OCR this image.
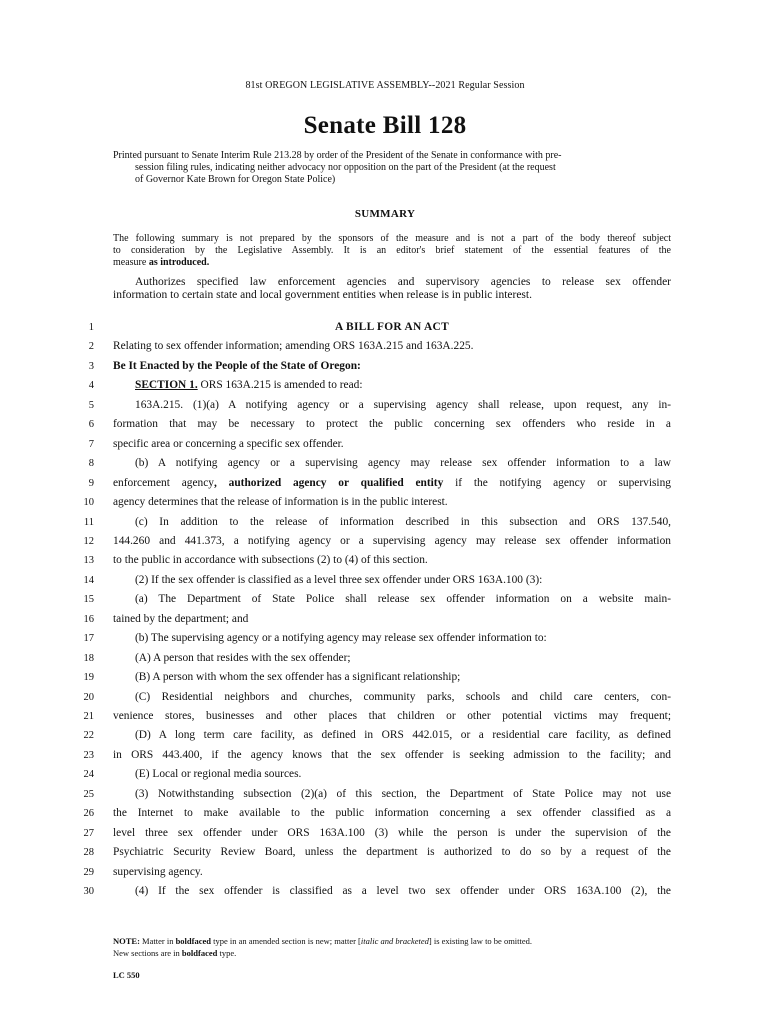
81st OREGON LEGISLATIVE ASSEMBLY--2021 Regular Session
Senate Bill 128
Printed pursuant to Senate Interim Rule 213.28 by order of the President of the Senate in conformance with pre-
session filing rules, indicating neither advocacy nor opposition on the part of the President (at the request
of Governor Kate Brown for Oregon State Police)
SUMMARY
The following summary is not prepared by the sponsors of the measure and is not a part of the body thereof subject
to consideration by the Legislative Assembly. It is an editor's brief statement of the essential features of the
measure as introduced.
Authorizes specified law enforcement agencies and supervisory agencies to release sex offender
information to certain state and local government entities when release is in public interest.
1	A BILL FOR AN ACT
2 Relating to sex offender information; amending ORS 163A.215 and 163A.225.
3 Be It Enacted by the People of the State of Oregon:
4	SECTION 1. ORS 163A.215 is amended to read:
5	163A.215. (1)(a) A notifying agency or a supervising agency shall release, upon request, any in-
6 formation that may be necessary to protect the public concerning sex offenders who reside in a
7 specific area or concerning a specific sex offender.
8	(b) A notifying agency or a supervising agency may release sex offender information to a law
9 enforcement agency, authorized agency or qualified entity if the notifying agency or supervising
10 agency determines that the release of information is in the public interest.
11	(c) In addition to the release of information described in this subsection and ORS 137.540,
12 144.260 and 441.373, a notifying agency or a supervising agency may release sex offender information
13 to the public in accordance with subsections (2) to (4) of this section.
14	(2) If the sex offender is classified as a level three sex offender under ORS 163A.100 (3):
15	(a) The Department of State Police shall release sex offender information on a website main-
16 tained by the department; and
17	(b) The supervising agency or a notifying agency may release sex offender information to:
18	(A) A person that resides with the sex offender;
19	(B) A person with whom the sex offender has a significant relationship;
20	(C) Residential neighbors and churches, community parks, schools and child care centers, con-
21 venience stores, businesses and other places that children or other potential victims may frequent;
22	(D) A long term care facility, as defined in ORS 442.015, or a residential care facility, as defined
23 in ORS 443.400, if the agency knows that the sex offender is seeking admission to the facility; and
24	(E) Local or regional media sources.
25	(3) Notwithstanding subsection (2)(a) of this section, the Department of State Police may not use
26 the Internet to make available to the public information concerning a sex offender classified as a
27 level three sex offender under ORS 163A.100 (3) while the person is under the supervision of the
28 Psychiatric Security Review Board, unless the department is authorized to do so by a request of the
29 supervising agency.
30	(4) If the sex offender is classified as a level two sex offender under ORS 163A.100 (2), the
NOTE: Matter in boldfaced type in an amended section is new; matter [italic and bracketed] is existing law to be omitted.
New sections are in boldfaced type.
LC 550
